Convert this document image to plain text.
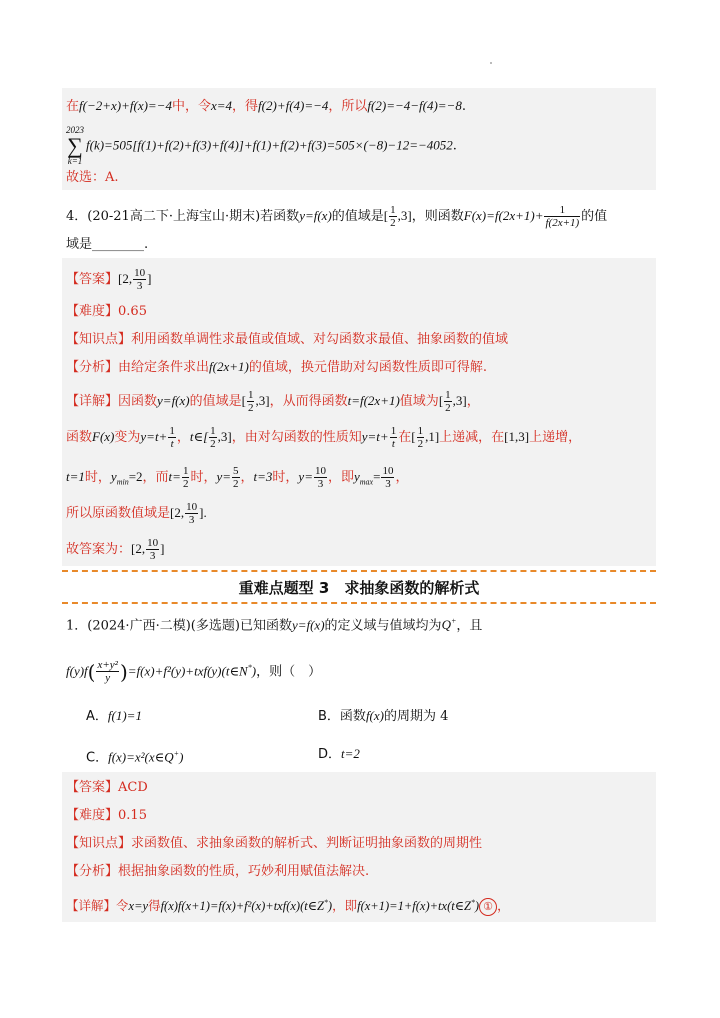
在f(−2+x)+f(x)=−4中，令x=4，得f(2)+f(4)=−4，所以f(2)=−4−f(4)=−8.
2023
∑
k=1f(k)=505[f(1)+f(2)+f(3)+f(4)]+f(1)+f(2)+f(3)=505×(−8)−12=−4052.
故选：A.
4．(20-21高二下·上海宝山·期末)若函数y=f(x)的值域是[ $\frac{1}{2} ,3$]，则函数$F(x)=f(2x+1)+ \frac{1}{f(2x+1)}$ 的值
域是________.
【答案】[2, $\frac{10}{3}$ ]
【难度】0.65
【知识点】利用函数单调性求最值或值域、对勾函数求最值、抽象函数的值域
【分析】由给定条件求出f(2x+1)的值域，换元借助对勾函数性质即可得解.
【详解】因函数y=f(x)的值域是[ $\frac{1}{2} ,3$]，从而得函数t=f(2x+1)值域为[ $\frac{1}{2} ,3$]，
函数F(x)变为$y=t+ \frac{1}{t}$ ，t∈[ $\frac{1}{2} ,3$]，由对勾函数的性质知$y=t+ \frac{1}{t}$ 在[ $\frac{1}{2} ,1$]上递减，在[1,3]上递增，
t=1时，$y_{min}=2$，而$t= \frac{1}{2}$ 时，$y= \frac{5}{2}$ ，t=3时，$y= \frac{10}{3}$ ，即$y_{max}= \frac{10}{3}$ ，
所以原函数值域是[2, $\frac{10}{3}$ ].
故答案为：[2, $\frac{10}{3}$ ]
重难点题型 3　求抽象函数的解析式
1．(2024·广西·二模)(多选题)已知函数y=f(x)的定义域与值域均为Q+，且
$f(y)f( \frac{\text{x+y²}}{y}$ )=f(x)+f²(y)+txf(y)(t∈N*)，则（　）
A．f(1)=1	B．函数f(x)的周期为 4
C．f(x)=x²(x∈Q+)	D．t=2
【答案】ACD
【难度】0.15
【知识点】求函数值、求抽象函数的解析式、判断证明抽象函数的周期性
【分析】根据抽象函数的性质，巧妙利用赋值法解决.
【详解】令x=y得f(x)f(x+1)=f(x)+f²(x)+txf(x)(t∈Z*)，即f(x+1)=1+f(x)+tx(t∈Z*) ① ，
